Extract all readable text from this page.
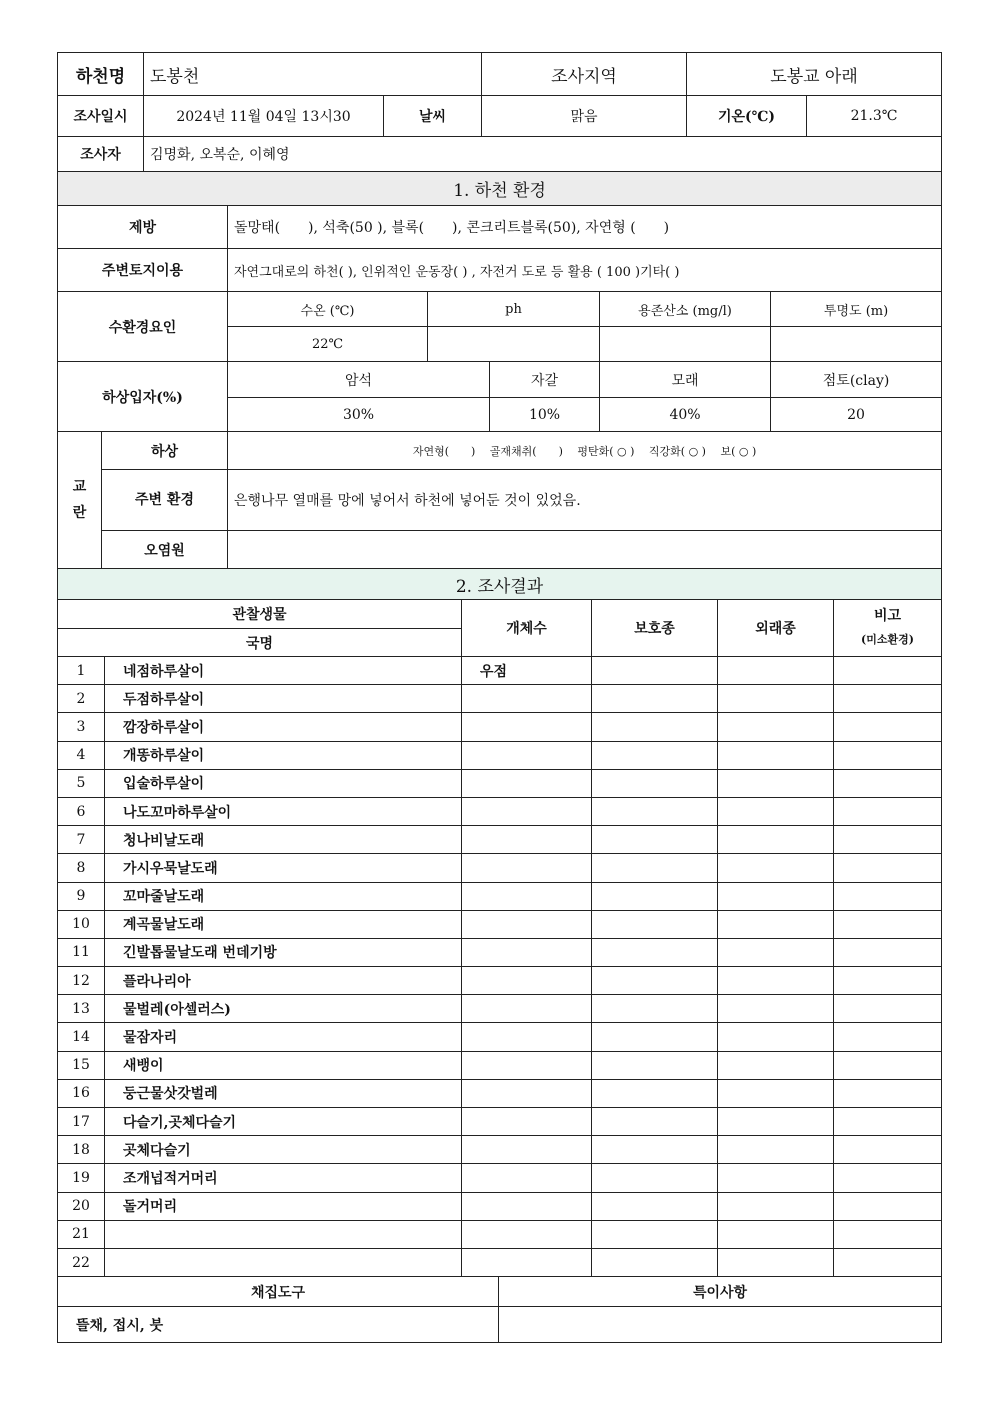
하천명	도봉천		조사지역	도봉교 아래	
조사일시	2024년 11월 04일 13시30	날씨	맑음	기온(℃)	21.3℃
조사자	김명화, 오복순, 이혜영				
1. 하천 환경						
제방		돌망태(　　), 석축(50 ), 블록(　　), 콘크리트블록(50), 자연형 (　　)				
주변토지이용		자연그대로의 하천( ), 인위적인 운동장( ) , 자전거 도로 등 활용 ( 100 )기타( )				
수환경요인		수온 (℃)	ph		용존산소 (mg/l)	투명도 (m)
		22℃				
하상입자(%)		암석		자갈	모래	점토(clay)
		30%		10%	40%	20
교란	하상	자연형(　　)　 골재채취(　　)　 평탄화( ○ )　 직강화( ○ )　 보( ○ )				
	주변 환경	은행나무 열매를 망에 넣어서 하천에 넣어둔 것이 있었음.				
	오염원					
2. 조사결과					
관찰생물		개체수	보호종	외래종	비고
(미소환경)

국명					
1	네점하루살이	우점			
2	두점하루살이				
3	깜장하루살이				
4	개똥하루살이				
5	입술하루살이				
6	나도꼬마하루살이				
7	청나비날도래				
8	가시우묵날도래				
9	꼬마줄날도래				
10	계곡물날도래				
11	긴발톱물날도래 번데기방				
12	플라나리아				
13	물벌레(아셀러스)				
14	물잠자리				
15	새뱅이				
16	둥근물삿갓벌레				
17	다슬기,곳체다슬기				
18	곳체다슬기				
19	조개넙적거머리				
20	돌거머리				
21					
22					
채집도구	특이사항
뜰채, 접시, 붓	
